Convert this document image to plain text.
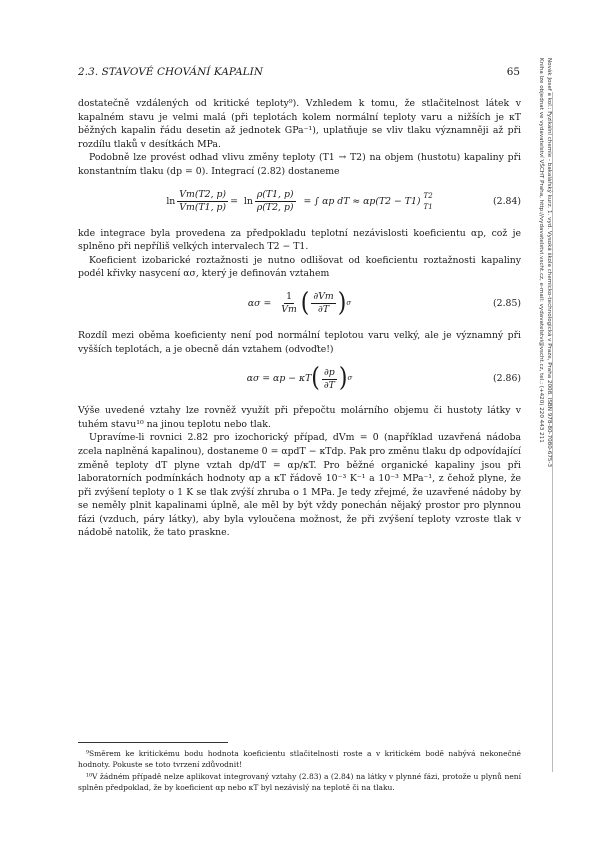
2.3. STAVOVÉ CHOVÁNÍ KAPALIN	65

dostatečně vzdálených od kritické teploty⁹). Vzhledem k tomu, že stlačitelnost látek v kapalném stavu je velmi malá (při teplotách kolem normální teploty varu a nižších je κT běžných kapalin řádu desetin až jednotek GPa⁻¹), uplatňuje se vliv tlaku významněji až při rozdílu tlaků v desítkách MPa.

Podobně lze provést odhad vlivu změny teploty (T1 → T2) na objem (hustotu) kapaliny při konstantním tlaku (dp = 0). Integrací (2.82) dostaneme

$\ln \frac{Vm(T2, p)}{Vm(T1, p)} = \ln \frac{\rho(T1, p)}{\rho(T2, p)}$ = ∫ αp dT ≈ αp(T2 − T1)
T2
T1	(2.84)

kde integrace byla provedena za předpokladu teplotní nezávislosti koeficientu αp, což je splněno při nepříliš velkých intervalech T2 − T1.

Koeficient izobarické roztažnosti je nutno odlišovat od koeficientu roztažnosti kapaliny podél křivky nasycení ασ, který je definován vztahem

$\alpha\sigma = \frac{1}{Vm}$ ( $\frac{\partial Vm}{\partial T}$ ) σ	(2.85)

Rozdíl mezi oběma koeficienty není pod normální teplotou varu velký, ale je významný při vyšších teplotách, a je obecně dán vztahem (odvoďte!)

ασ = αp − κT ( $\frac{\partial p}{\partial T}$ ) σ	(2.86)

Výše uvedené vztahy lze rovněž využít při přepočtu molárního objemu či hustoty látky v tuhém stavu¹⁰ na jinou teplotu nebo tlak.

Upravíme-li rovnici 2.82 pro izochorický případ, dVm = 0 (například uzavřená nádoba zcela naplněná kapalinou), dostaneme 0 = αpdT − κTdp. Pak pro změnu tlaku dp odpovídající změně teploty dT plyne vztah dp/dT = αp/κT. Pro běžné organické kapaliny jsou při laboratorních podmínkách hodnoty αp a κT řádově 10⁻³ K⁻¹ a 10⁻³ MPa⁻¹, z čehož plyne, že při zvýšení teploty o 1 K se tlak zvýší zhruba o 1 MPa. Je tedy zřejmé, že uzavřené nádoby by se neměly plnit kapalinami úplně, ale měl by být vždy ponechán nějaký prostor pro plynnou fázi (vzduch, páry látky), aby byla vyloučena možnost, že při zvýšení teploty vzroste tlak v nádobě natolik, že tato praskne.

⁹Směrem ke kritickému bodu hodnota koeficientu stlačitelnosti roste a v kritickém bodě nabývá nekonečné hodnoty. Pokuste se toto tvrzení zdůvodnit!

¹⁰V žádném případě nelze aplikovat integrovaný vztahy (2.83) a (2.84) na látky v plynné fázi, protože u plynů není splněn předpoklad, že by koeficient αp nebo κT byl nezávislý na teplotě či na tlaku.

Novák Josef a kol.: Fyzikální chemie - bakalářský kurz. 1. vyd. Vysoká škola chemicko-technologická v Praze, Praha 2008. ISBN 978-80-7080-675-3
Kniha lze objednat ve vydavatelství VŠCHT Praha, http://vydavatelstvi.vscht.cz, e-mail: vydavatelstvi@vscht.cz, tel.: (+420) 220 443 211
